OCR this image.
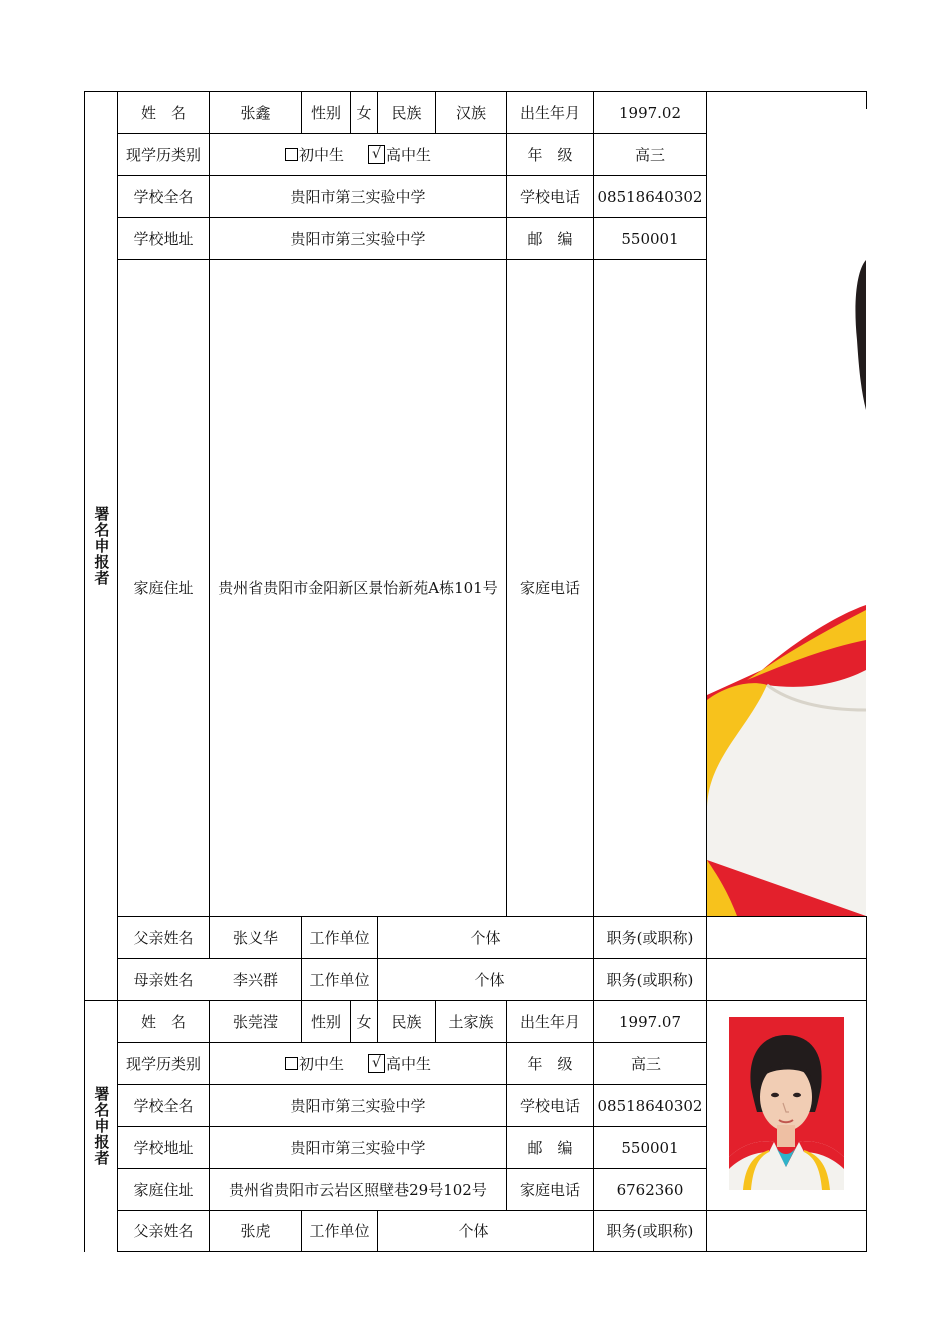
署名申报者
姓　名	张鑫	性别 女 民族 汉族 出生年月	1997.02
现学历类别	初中生 √ 高中生	年　级	高三
学校全名	贵阳市第三实验中学	学校电话 08518640302
学校地址	贵阳市第三实验中学	邮　编	550001
家庭住址 贵州省贵阳市金阳新区景怡新苑A栋101号 家庭电话
父亲姓名	张义华 工作单位	个体	职务(或职称)
母亲姓名	李兴群 工作单位	个体	职务(或职称)
署名申报者
姓　名	张莞滢 性别 女 民族 土家族 出生年月	1997.07
现学历类别	初中生 √ 高中生	年　级	高三
学校全名	贵阳市第三实验中学	学校电话 08518640302
学校地址	贵阳市第三实验中学	邮　编	550001
家庭住址 贵州省贵阳市云岩区照壁巷29号102号 家庭电话 6762360
父亲姓名	张虎	工作单位	个体	职务(或职称)
